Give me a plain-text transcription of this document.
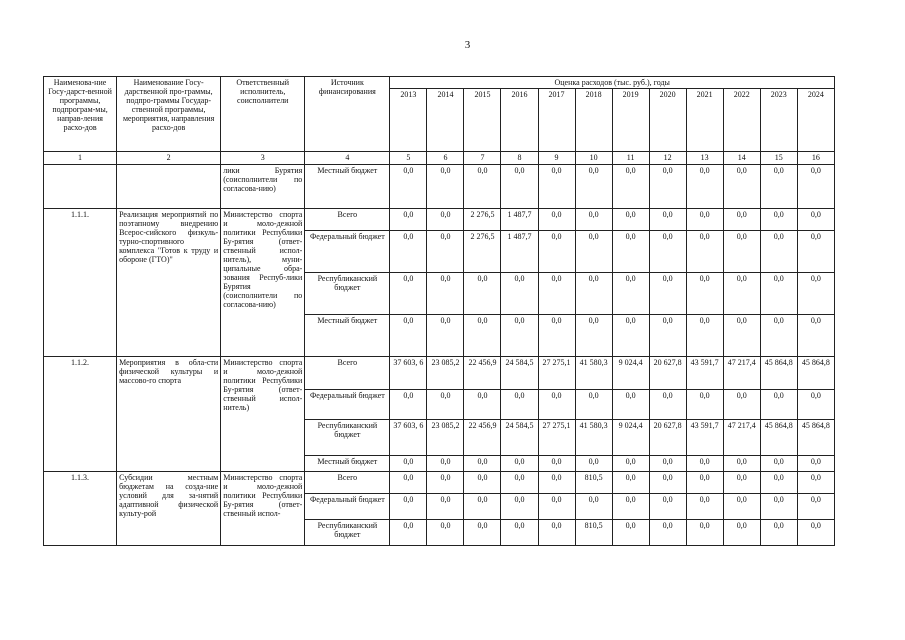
3
Наименова-ние Госу-дарст-венной программы, подпрограм-мы, направ-ления расхо-дов	Наименование Госу-дарственной про-граммы, подпро-граммы Государ-ственной программы, мероприятия, направления расхо-дов	Ответственный исполнитель, соисполнители	Источник финансирования	Оценка расходов (тыс. руб.), годы											
				2013	2014	2015	2016	2017	2018	2019	2020	2021	2022	2023	2024
1	2	3	4	5	6	7	8	9	10	11	12	13	14	15	16
		лики Бурятия (соисполнители по согласова-нию)	Местный бюджет	0,0	0,0	0,0	0,0	0,0	0,0	0,0	0,0	0,0	0,0	0,0	0,0
1.1.1.	Реализация мероприятий по поэтапному внедрению Всерос-сийского физкуль-турно-спортивного комплекса "Готов к труду и обороне (ГТО)"	Министерство спорта и моло-дежной политики Республики Бу-рятия (ответ-ственный испол-нитель), муни-ципальные обра-зования Респуб-лики Бурятия (соисполнители по согласова-нию)	Всего	0,0	0,0	2 276,5	1 487,7	0,0	0,0	0,0	0,0	0,0	0,0	0,0	0,0
			Федеральный бюджет	0,0	0,0	2 276,5	1 487,7	0,0	0,0	0,0	0,0	0,0	0,0	0,0	0,0
			Республиканский бюджет	0,0	0,0	0,0	0,0	0,0	0,0	0,0	0,0	0,0	0,0	0,0	0,0
			Местный бюджет	0,0	0,0	0,0	0,0	0,0	0,0	0,0	0,0	0,0	0,0	0,0	0,0
1.1.2.	Мероприятия в обла-сти физической культуры и массово-го спорта	Министерство спорта и моло-дежной политики Республики Бу-рятия (ответ-ственный испол-нитель)	Всего	37 603, 6	23 085,2	22 456,9	24 584,5	27 275,1	41 580,3	9 024,4	20 627,8	43 591,7	47 217,4	45 864,8	45 864,8
			Федеральный бюджет	0,0	0,0	0,0	0,0	0,0	0,0	0,0	0,0	0,0	0,0	0,0	0,0
			Республиканский бюджет	37 603, 6	23 085,2	22 456,9	24 584,5	27 275,1	41 580,3	9 024,4	20 627,8	43 591,7	47 217,4	45 864,8	45 864,8
			Местный бюджет	0,0	0,0	0,0	0,0	0,0	0,0	0,0	0,0	0,0	0,0	0,0	0,0
1.1.3.	Субсидии местным бюджетам на созда-ние условий для за-нятий адаптивной физической культу-рой	Министерство спорта и моло-дежной политики Республики Бу-рятия (ответ-ственный испол-	Всего	0,0	0,0	0,0	0,0	0,0	810,5	0,0	0,0	0,0	0,0	0,0	0,0
			Федеральный бюджет	0,0	0,0	0,0	0,0	0,0	0,0	0,0	0,0	0,0	0,0	0,0	0,0
			Республиканский бюджет	0,0	0,0	0,0	0,0	0,0	810,5	0,0	0,0	0,0	0,0	0,0	0,0
